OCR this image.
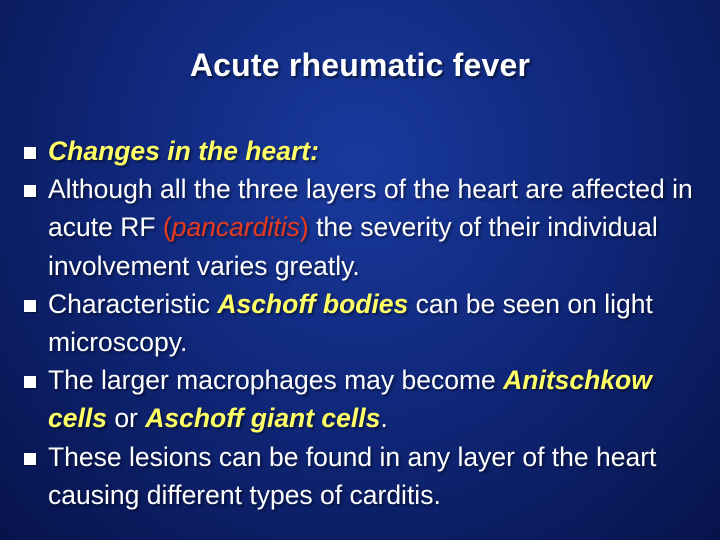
Acute rheumatic fever
Changes in the heart:
Although all the three layers of the heart are affected in acute RF (pancarditis) the severity of their individual involvement varies greatly.
Characteristic Aschoff bodies can be seen on light microscopy.
The larger macrophages may become Anitschkow cells or Aschoff giant cells.
These lesions can be found in any layer of the heart causing different types of carditis.
